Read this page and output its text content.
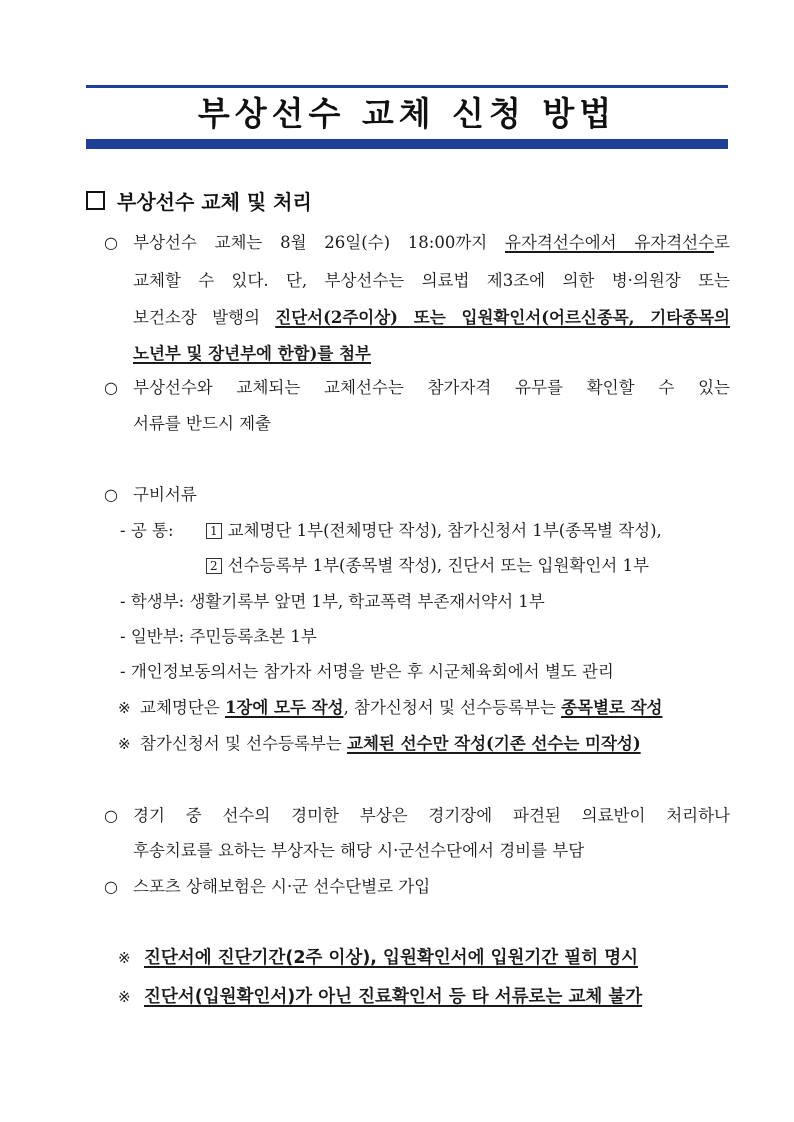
부상선수 교체 신청 방법
부상선수 교체 및 처리
○ 부상선수 교체는 8월 26일(수) 18:00까지 유자격선수에서 유자격선수로
교체할 수 있다. 단, 부상선수는 의료법 제3조에 의한 병·의원장 또는
보건소장 발행의 진단서(2주이상) 또는 입원확인서(어르신종목, 기타종목의
노년부 및 장년부에 한함)를 첨부
○ 부상선수와 교체되는 교체선수는 참가자격 유무를 확인할 수 있는
서류를 반드시 제출
○ 구비서류
- 공 통:	1 교체명단 1부(전체명단 작성), 참가신청서 1부(종목별 작성),
2 선수등록부 1부(종목별 작성), 진단서 또는 입원확인서 1부
- 학생부: 생활기록부 앞면 1부, 학교폭력 부존재서약서 1부
- 일반부: 주민등록초본 1부
- 개인정보동의서는 참가자 서명을 받은 후 시군체육회에서 별도 관리
※ 교체명단은 1장에 모두 작성, 참가신청서 및 선수등록부는 종목별로 작성
※ 참가신청서 및 선수등록부는 교체된 선수만 작성(기존 선수는 미작성)
○ 경기 중 선수의 경미한 부상은 경기장에 파견된 의료반이 처리하나
후송치료를 요하는 부상자는 해당 시·군선수단에서 경비를 부담
○ 스포츠 상해보험은 시·군 선수단별로 가입
※ 진단서에 진단기간(2주 이상), 입원확인서에 입원기간 필히 명시
※ 진단서(입원확인서)가 아닌 진료확인서 등 타 서류로는 교체 불가
